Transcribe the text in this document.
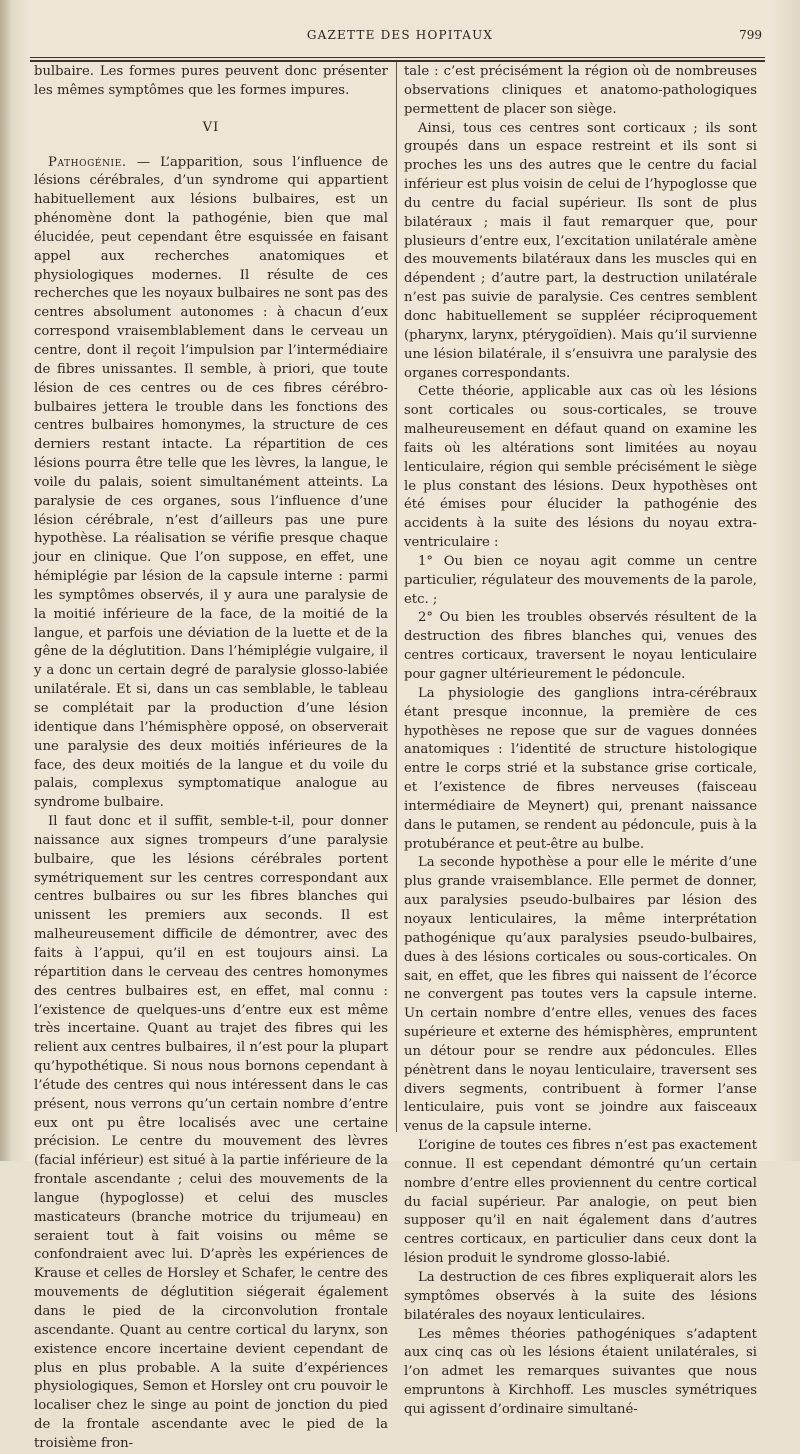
GAZETTE DES HOPITAUX	799

bulbaire. Les formes pures peuvent donc présenter les mêmes symptômes que les formes impures.

VI

Pathogénie. — L’apparition, sous l’influence de lésions cérébrales, d’un syndrome qui appartient habituellement aux lésions bulbaires, est un phénomène dont la pathogénie, bien que mal élucidée, peut cependant être esquissée en faisant appel aux recherches anatomiques et physiologiques modernes. Il résulte de ces recherches que les noyaux bulbaires ne sont pas des centres absolument autonomes : à chacun d’eux correspond vraisemblablement dans le cerveau un centre, dont il reçoit l’impulsion par l’intermédiaire de fibres unissantes. Il semble, à priori, que toute lésion de ces centres ou de ces fibres cérébro-bulbaires jettera le trouble dans les fonctions des centres bulbaires homonymes, la structure de ces derniers restant intacte. La répartition de ces lésions pourra être telle que les lèvres, la langue, le voile du palais, soient simultanément atteints. La paralysie de ces organes, sous l’influence d’une lésion cérébrale, n’est d’ailleurs pas une pure hypothèse. La réalisation se vérifie presque chaque jour en clinique. Que l’on suppose, en effet, une hémiplégie par lésion de la capsule interne : parmi les symptômes observés, il y aura une paralysie de la moitié inférieure de la face, de la moitié de la langue, et parfois une déviation de la luette et de la gêne de la déglutition. Dans l’hémiplégie vulgaire, il y a donc un certain degré de paralysie glosso-labiée unilatérale. Et si, dans un cas semblable, le tableau se complétait par la production d’une lésion identique dans l’hémisphère opposé, on observerait une paralysie des deux moitiés inférieures de la face, des deux moitiés de la langue et du voile du palais, complexus symptomatique analogue au syndrome bulbaire.

Il faut donc et il suffit, semble-t-il, pour donner naissance aux signes trompeurs d’une paralysie bulbaire, que les lésions cérébrales portent symétriquement sur les centres correspondant aux centres bulbaires ou sur les fibres blanches qui unissent les premiers aux seconds. Il est malheureusement difficile de démontrer, avec des faits à l’appui, qu’il en est toujours ainsi. La répartition dans le cerveau des centres homonymes des centres bulbaires est, en effet, mal connu : l’existence de quelques-uns d’entre eux est même très incertaine. Quant au trajet des fibres qui les relient aux centres bulbaires, il n’est pour la plupart qu’hypothétique. Si nous nous bornons cependant à l’étude des centres qui nous intéressent dans le cas présent, nous verrons qu’un certain nombre d’entre eux ont pu être localisés avec une certaine précision. Le centre du mouvement des lèvres (facial inférieur) est situé à la partie inférieure de la frontale ascendante ; celui des mouvements de la langue (hypoglosse) et celui des muscles masticateurs (branche motrice du trijumeau) en seraient tout à fait voisins ou même se confondraient avec lui. D’après les expériences de Krause et celles de Horsley et Schafer, le centre des mouvements de déglutition siégerait également dans le pied de la circonvolution frontale ascendante. Quant au centre cortical du larynx, son existence encore incertaine devient cependant de plus en plus probable. A la suite d’expériences physiologiques, Semon et Horsley ont cru pouvoir le localiser chez le singe au point de jonction du pied de la frontale ascendante avec le pied de la troisième fron-

tale : c’est précisément la région où de nombreuses observations cliniques et anatomo-pathologiques permettent de placer son siège.

Ainsi, tous ces centres sont corticaux ; ils sont groupés dans un espace restreint et ils sont si proches les uns des autres que le centre du facial inférieur est plus voisin de celui de l’hypoglosse que du centre du facial supérieur. Ils sont de plus bilatéraux ; mais il faut remarquer que, pour plusieurs d’entre eux, l’excitation unilatérale amène des mouvements bilatéraux dans les muscles qui en dépendent ; d’autre part, la destruction unilatérale n’est pas suivie de paralysie. Ces centres semblent donc habituellement se suppléer réciproquement (pharynx, larynx, ptérygoïdien). Mais qu’il survienne une lésion bilatérale, il s’ensuivra une paralysie des organes correspondants.

Cette théorie, applicable aux cas où les lésions sont corticales ou sous-corticales, se trouve malheureusement en défaut quand on examine les faits où les altérations sont limitées au noyau lenticulaire, région qui semble précisément le siège le plus constant des lésions. Deux hypothèses ont été émises pour élucider la pathogénie des accidents à la suite des lésions du noyau extra-ventriculaire :

1° Ou bien ce noyau agit comme un centre particulier, régulateur des mouvements de la parole, etc. ;

2° Ou bien les troubles observés résultent de la destruction des fibres blanches qui, venues des centres corticaux, traversent le noyau lenticulaire pour gagner ultérieurement le pédoncule.

La physiologie des ganglions intra-cérébraux étant presque inconnue, la première de ces hypothèses ne repose que sur de vagues données anatomiques : l’identité de structure histologique entre le corps strié et la substance grise corticale, et l’existence de fibres nerveuses (faisceau intermédiaire de Meynert) qui, prenant naissance dans le putamen, se rendent au pédoncule, puis à la protubérance et peut-être au bulbe.

La seconde hypothèse a pour elle le mérite d’une plus grande vraisemblance. Elle permet de donner, aux paralysies pseudo-bulbaires par lésion des noyaux lenticulaires, la même interprétation pathogénique qu’aux paralysies pseudo-bulbaires, dues à des lésions corticales ou sous-corticales. On sait, en effet, que les fibres qui naissent de l’écorce ne convergent pas toutes vers la capsule interne. Un certain nombre d’entre elles, venues des faces supérieure et externe des hémisphères, empruntent un détour pour se rendre aux pédoncules. Elles pénètrent dans le noyau lenticulaire, traversent ses divers segments, contribuent à former l’anse lenticulaire, puis vont se joindre aux faisceaux venus de la capsule interne.

L’origine de toutes ces fibres n’est pas exactement connue. Il est cependant démontré qu’un certain nombre d’entre elles proviennent du centre cortical du facial supérieur. Par analogie, on peut bien supposer qu’il en nait également dans d’autres centres corticaux, en particulier dans ceux dont la lésion produit le syndrome glosso-labié.

La destruction de ces fibres expliquerait alors les symptômes observés à la suite des lésions bilatérales des noyaux lenticulaires.

Les mêmes théories pathogéniques s’adaptent aux cinq cas où les lésions étaient unilatérales, si l’on admet les remarques suivantes que nous empruntons à Kirchhoff. Les muscles symétriques qui agissent d’ordinaire simultané-
